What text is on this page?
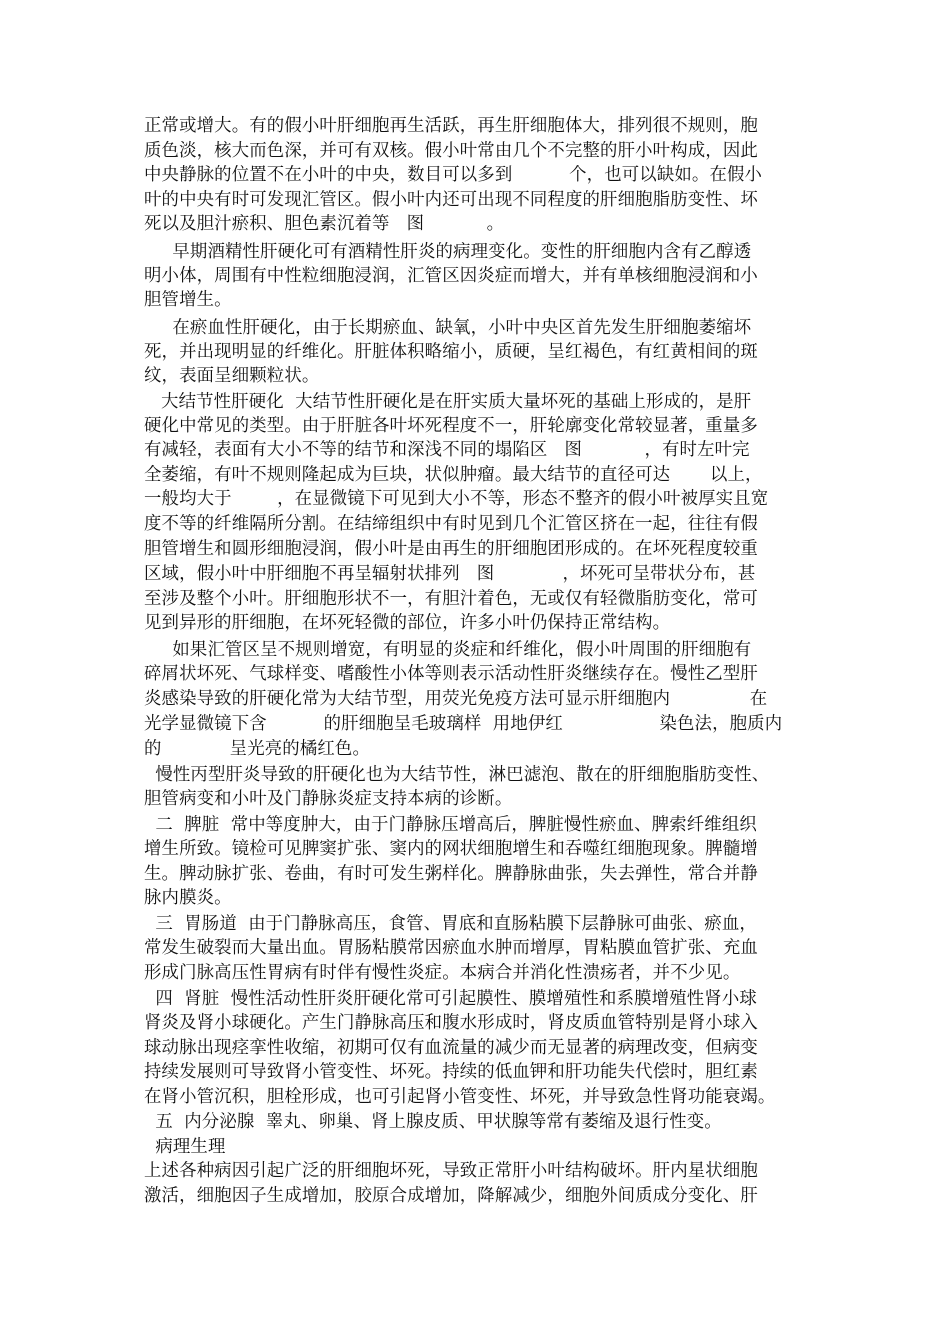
正常或增大。有的假小叶肝细胞再生活跃，再生肝细胞体大，排列很不规则，胞
质色淡，核大而色深，并可有双核。假小叶常由几个不完整的肝小叶构成，因此
中央静脉的位置不在小叶的中央，数目可以多到          个，也可以缺如。在假小
叶的中央有时可发现汇管区。假小叶内还可出现不同程度的肝细胞脂肪变性、坏
死以及胆汁瘀积、胆色素沉着等   图           。
早期酒精性肝硬化可有酒精性肝炎的病理变化。变性的肝细胞内含有乙醇透
明小体，周围有中性粒细胞浸润，汇管区因炎症而增大，并有单核细胞浸润和小
胆管增生。
在瘀血性肝硬化，由于长期瘀血、缺氧，小叶中央区首先发生肝细胞萎缩坏
死，并出现明显的纤维化。肝脏体积略缩小，质硬，呈红褐色，有红黄相间的斑
纹，表面呈细颗粒状。
大结节性肝硬化  大结节性肝硬化是在肝实质大量坏死的基础上形成的，是肝
硬化中常见的类型。由于肝脏各叶坏死程度不一，肝轮廓变化常较显著，重量多
有减轻，表面有大小不等的结节和深浅不同的塌陷区   图           ，有时左叶完
全萎缩，有叶不规则隆起成为巨块，状似肿瘤。最大结节的直径可达       以上，
一般均大于        ，在显微镜下可见到大小不等，形态不整齐的假小叶被厚实且宽
度不等的纤维隔所分割。在结缔组织中有时见到几个汇管区挤在一起，往往有假
胆管增生和圆形细胞浸润，假小叶是由再生的肝细胞团形成的。在坏死程度较重
区域，假小叶中肝细胞不再呈辐射状排列   图            ，坏死可呈带状分布，甚
至涉及整个小叶。肝细胞形状不一，有胆汁着色，无或仅有轻微脂肪变化，常可
见到异形的肝细胞，在坏死轻微的部位，许多小叶仍保持正常结构。
如果汇管区呈不规则增宽，有明显的炎症和纤维化，假小叶周围的肝细胞有
碎屑状坏死、气球样变、嗜酸性小体等则表示活动性肝炎继续存在。慢性乙型肝
炎感染导致的肝硬化常为大结节型，用荧光免疫方法可显示肝细胞内              在
光学显微镜下含          的肝细胞呈毛玻璃样  用地伊红                 染色法，胞质内
的            呈光亮的橘红色。
慢性丙型肝炎导致的肝硬化也为大结节性，淋巴滤泡、散在的肝细胞脂肪变性、
胆管病变和小叶及门静脉炎症支持本病的诊断。
二  脾脏  常中等度肿大，由于门静脉压增高后，脾脏慢性瘀血、脾索纤维组织
增生所致。镜检可见脾窦扩张、窦内的网状细胞增生和吞噬红细胞现象。脾髓增
生。脾动脉扩张、卷曲，有时可发生粥样化。脾静脉曲张，失去弹性，常合并静
脉内膜炎。
三  胃肠道  由于门静脉高压，食管、胃底和直肠粘膜下层静脉可曲张、瘀血，
常发生破裂而大量出血。胃肠粘膜常因瘀血水肿而增厚，胃粘膜血管扩张、充血
形成门脉高压性胃病有时伴有慢性炎症。本病合并消化性溃疡者，并不少见。
四  肾脏  慢性活动性肝炎肝硬化常可引起膜性、膜增殖性和系膜增殖性肾小球
肾炎及肾小球硬化。产生门静脉高压和腹水形成时，肾皮质血管特别是肾小球入
球动脉出现痉挛性收缩，初期可仅有血流量的减少而无显著的病理改变，但病变
持续发展则可导致肾小管变性、坏死。持续的低血钾和肝功能失代偿时，胆红素
在肾小管沉积，胆栓形成，也可引起肾小管变性、坏死，并导致急性肾功能衰竭。
五  内分泌腺  睾丸、卵巢、肾上腺皮质、甲状腺等常有萎缩及退行性变。
病理生理
上述各种病因引起广泛的肝细胞坏死，导致正常肝小叶结构破坏。肝内星状细胞
激活，细胞因子生成增加，胶原合成增加，降解减少，细胞外间质成分变化、肝
